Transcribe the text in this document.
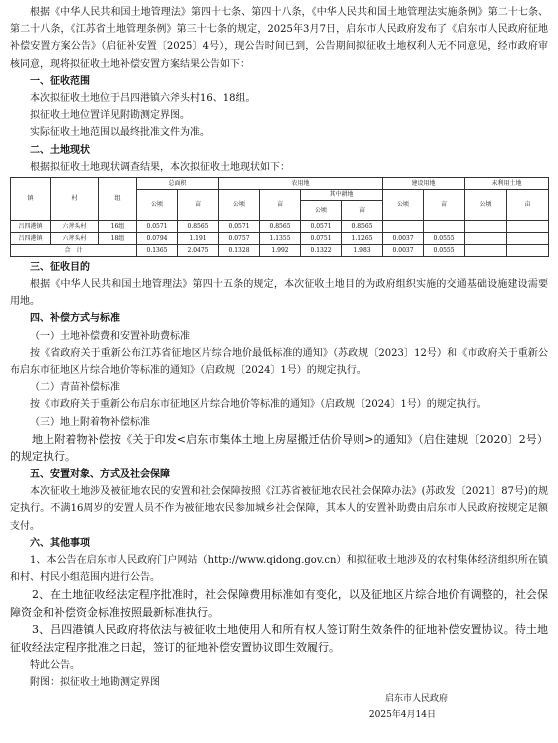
根据《中华人民共和国土地管理法》第四十七条、第四十八条，《中华人民共和国土地管理法实施条例》第二十七条、第二十八条，《江苏省土地管理条例》第三十七条的规定，2025年3月7日，启东市人民政府发布了《启东市人民政府征地补偿安置方案公告》（启征补安置〔2025〕4号），现公告时间已到，公告期间拟征收土地权利人无不同意见，经市政府审核同意，现将拟征收土地补偿安置方案结果公告如下：

一、征收范围

本次拟征收土地位于吕四港镇六斧头村16、18组。

拟征收土地位置详见附勘测定界图。

实际征收土地范围以最终批准文件为准。

二、土地现状

根据拟征收土地现状调查结果，本次拟征收土地现状如下：

镇	村	组	总面积		农用地				建设用地		未利用土地	
			公顷	亩	公顷	亩	其中耕地		公顷	亩	公顷	亩
							公顷	亩				
吕四港镇	六斧头村	16组	0.0571	0.8565	0.0571	0.8565	0.0571	0.8565				
吕四港镇	六斧头村	18组	0.0794	1.191	0.0757	1.1355	0.0751	1.1265	0.0037	0.0555		
合　计			0.1365	2.0475	0.1328	1.992	0.1322	1.983	0.0037	0.0555		

三、征收目的

根据《中华人民共和国土地管理法》第四十五条的规定，本次征收土地目的为政府组织实施的交通基础设施建设需要用地。

四、补偿方式与标准

（一）土地补偿费和安置补助费标准

按《省政府关于重新公布江苏省征地区片综合地价最低标准的通知》（苏政规〔2023〕12号）和《市政府关于重新公布启东市征地区片综合地价等标准的通知》（启政规〔2024〕1号）的规定执行。

（二）青苗补偿标准

按《市政府关于重新公布启东市征地区片综合地价等标准的通知》（启政规〔2024〕1号）的规定执行。

（三）地上附着物补偿标准

地上附着物补偿按《关于印发<启东市集体土地上房屋搬迁估价导则>的通知》（启住建规〔2020〕2号）的规定执行。

五、安置对象、方式及社会保障

本次征收土地涉及被征地农民的安置和社会保障按照《江苏省被征地农民社会保障办法》(苏政发〔2021〕87号)的规定执行。不满16周岁的安置人员不作为被征地农民参加城乡社会保障，其本人的安置补助费由启东市人民政府按规定足额支付。

六、其他事项

1、本公告在启东市人民政府门户网站（http://www.qidong.gov.cn）和拟征收土地涉及的农村集体经济组织所在镇和村、村民小组范围内进行公告。

2、在土地征收经法定程序批准时，社会保障费用标准如有变化，以及征地区片综合地价有调整的，社会保障资金和补偿资金标准按照最新标准执行。

3、吕四港镇人民政府将依法与被征收土地使用人和所有权人签订附生效条件的征地补偿安置协议。待土地征收经法定程序批准之日起，签订的征地补偿安置协议即生效履行。

特此公告。

附图：拟征收土地勘测定界图

启东市人民政府

2025年4月14日
